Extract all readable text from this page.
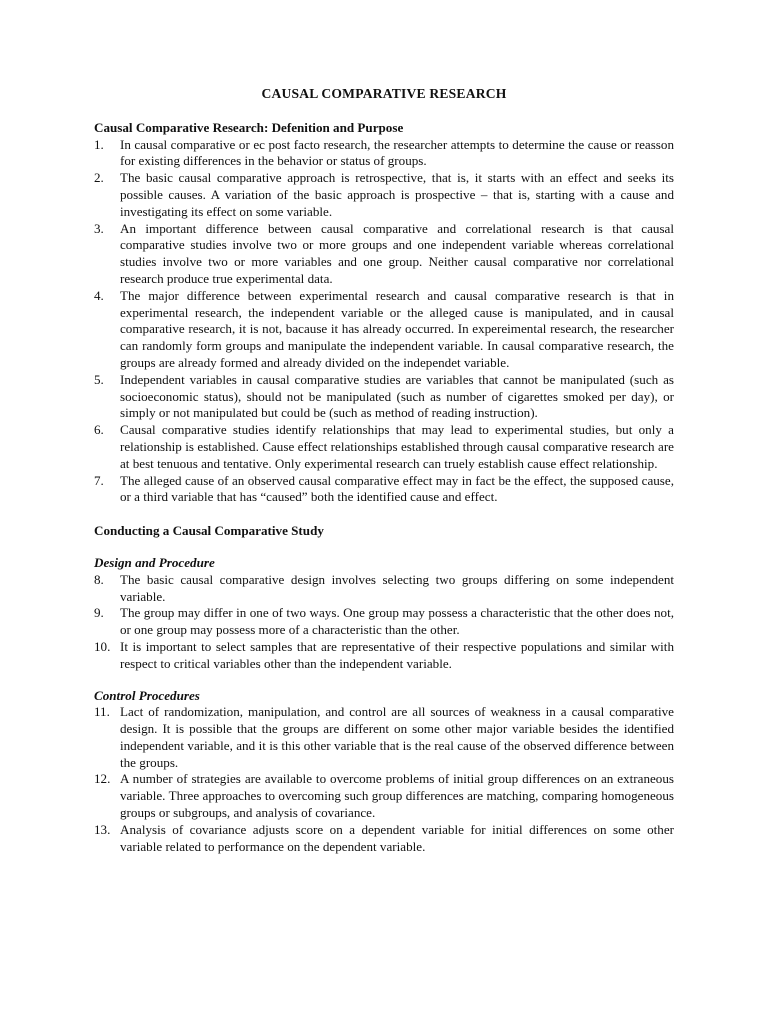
CAUSAL COMPARATIVE RESEARCH
Causal Comparative Research: Defenition and Purpose
1.	In causal comparative or ec post facto research, the researcher attempts to determine the cause or reasson for existing differences in the behavior or status of groups.
2.	The basic causal comparative approach is retrospective, that is, it starts with an effect and seeks its possible causes. A variation of the basic approach is prospective – that is, starting with a cause and investigating its effect on some variable.
3.	An important difference between causal comparative and correlational research is that causal comparative studies involve two or more groups and one independent variable whereas correlational studies involve two or more variables and one group. Neither causal comparative nor correlational research produce true experimental data.
4.	The major difference between experimental research and causal comparative research is that in experimental research, the independent variable or the alleged cause is manipulated, and in causal comparative research, it is not, bacause it has already occurred. In expereimental research, the researcher can randomly form groups and manipulate the independent variable. In causal comparative research, the groups are already formed and already divided on the independet variable.
5.	Independent variables in causal comparative studies are variables that cannot be manipulated (such as socioeconomic status), should not be manipulated (such as number of cigarettes smoked per day), or simply or not manipulated but could be (such as method of reading instruction).
6.	Causal comparative studies identify relationships that may lead to experimental studies, but only a relationship is established. Cause effect relationships established through causal comparative research are at best tenuous and tentative. Only experimental research can truely establish cause effect relationship.
7.	The alleged cause of an observed causal comparative effect may in fact be the effect, the supposed cause, or a third variable that has “caused” both the identified cause and effect.
Conducting a Causal Comparative Study
Design and Procedure
8.	The basic causal comparative design involves selecting two groups differing on some independent variable.
9.	The group may differ in one of two ways. One group may possess a characteristic that the other does not, or one group may possess more of a characteristic than the other.
10. It is important to select samples that are representative of their respective populations and similar with respect to critical variables other than the independent variable.
Control Procedures
11. Lact of randomization, manipulation, and control are all sources of weakness in a causal comparative design. It is possible that the groups are different on some other major variable besides the identified independent variable, and it is this other variable that is the real cause of the observed difference between the groups.
12. A number of strategies are available to overcome problems of initial group differences on an extraneous variable. Three approaches to overcoming such group differences are matching, comparing homogeneous groups or subgroups, and analysis of covariance.
13. Analysis of covariance adjusts score on a dependent variable for initial differences on some other variable related to performance on the dependent variable.
